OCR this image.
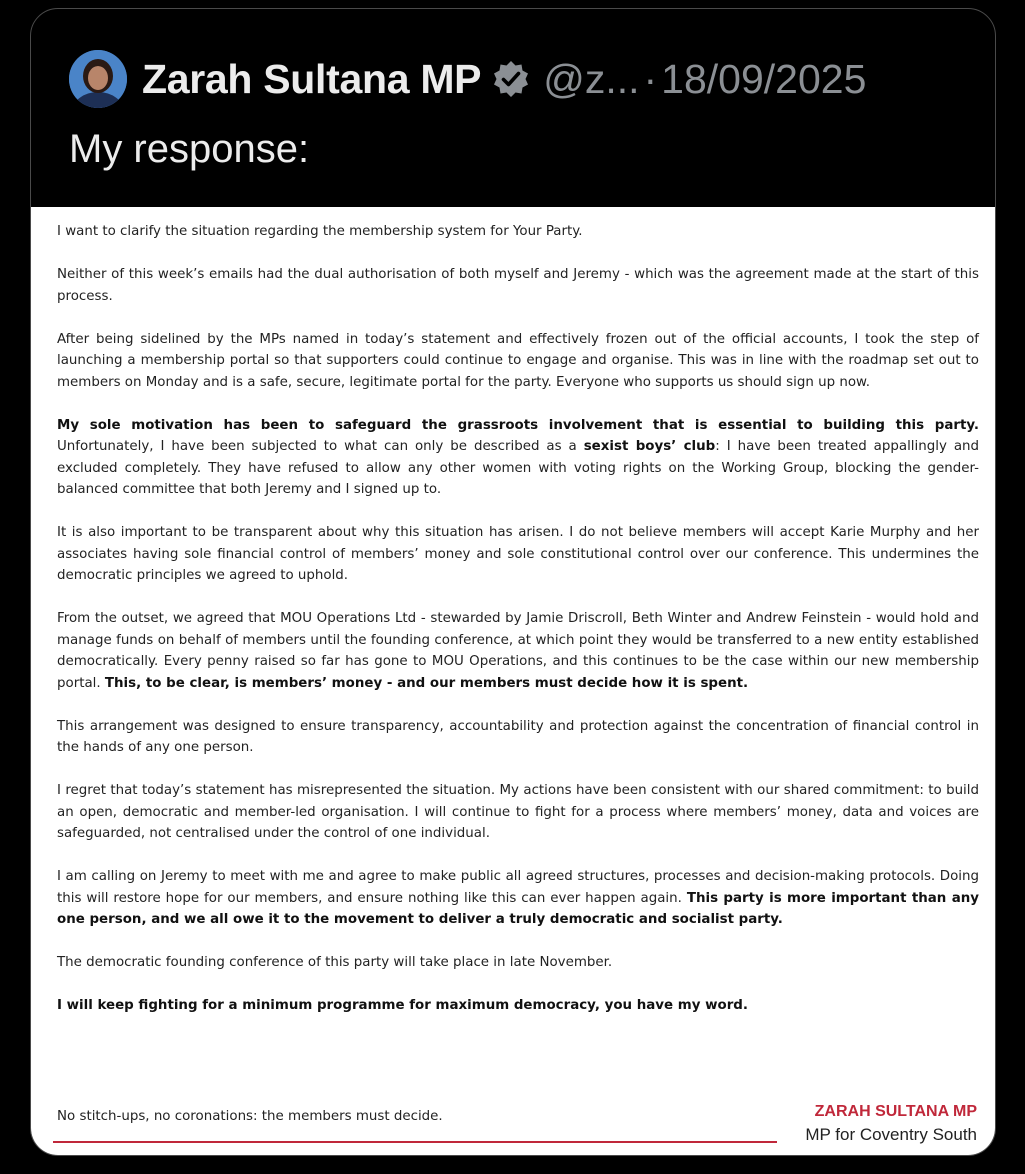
Zarah Sultana MP @z... · 18/09/2025
My response:

I want to clarify the situation regarding the membership system for Your Party.

Neither of this week’s emails had the dual authorisation of both myself and Jeremy - which was the agreement made at the start of this process.

After being sidelined by the MPs named in today’s statement and effectively frozen out of the official accounts, I took the step of launching a membership portal so that supporters could continue to engage and organise. This was in line with the roadmap set out to members on Monday and is a safe, secure, legitimate portal for the party. Everyone who supports us should sign up now.

My sole motivation has been to safeguard the grassroots involvement that is essential to building this party. Unfortunately, I have been subjected to what can only be described as a sexist boys’ club: I have been treated appallingly and excluded completely. They have refused to allow any other women with voting rights on the Working Group, blocking the gender-balanced committee that both Jeremy and I signed up to.

It is also important to be transparent about why this situation has arisen. I do not believe members will accept Karie Murphy and her associates having sole financial control of members’ money and sole constitutional control over our conference. This undermines the democratic principles we agreed to uphold.

From the outset, we agreed that MOU Operations Ltd - stewarded by Jamie Driscroll, Beth Winter and Andrew Feinstein - would hold and manage funds on behalf of members until the founding conference, at which point they would be transferred to a new entity established democratically. Every penny raised so far has gone to MOU Operations, and this continues to be the case within our new membership portal. This, to be clear, is members’ money - and our members must decide how it is spent.

This arrangement was designed to ensure transparency, accountability and protection against the concentration of financial control in the hands of any one person.

I regret that today’s statement has misrepresented the situation. My actions have been consistent with our shared commitment: to build an open, democratic and member-led organisation. I will continue to fight for a process where members’ money, data and voices are safeguarded, not centralised under the control of one individual.

I am calling on Jeremy to meet with me and agree to make public all agreed structures, processes and decision-making protocols. Doing this will restore hope for our members, and ensure nothing like this can ever happen again. This party is more important than any one person, and we all owe it to the movement to deliver a truly democratic and socialist party.

The democratic founding conference of this party will take place in late November.

I will keep fighting for a minimum programme for maximum democracy, you have my word.

No stitch-ups, no coronations: the members must decide.	ZARAH SULTANA MP
MP for Coventry South
